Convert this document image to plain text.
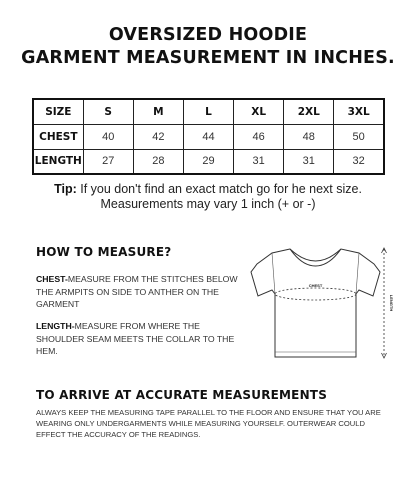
OVERSIZED HOODIE
GARMENT MEASUREMENT IN INCHES.
SIZE	S	M	L	XL	2XL	3XL
CHEST	40	42	44	46	48	50
LENGTH	27	28	29	31	31	32
Tip: If you don't find an exact match go for he next size.
Measurements may vary 1 inch (+ or -)
HOW TO MEASURE?
CHEST-MEASURE FROM THE STITCHES BELOW THE ARMPITS ON SIDE TO ANTHER ON THE GARMENT
LENGTH-MEASURE FROM WHERE THE SHOULDER SEAM MEETS THE COLLAR TO THE HEM.
CHEST
LENGTH
TO ARRIVE AT ACCURATE MEASUREMENTS
ALWAYS KEEP THE MEASURING TAPE PARALLEL TO THE FLOOR AND ENSURE THAT YOU ARE WEARING ONLY UNDERGARMENTS WHILE MEASURING YOURSELF. OUTERWEAR COULD EFFECT THE ACCURACY OF THE READINGS.
